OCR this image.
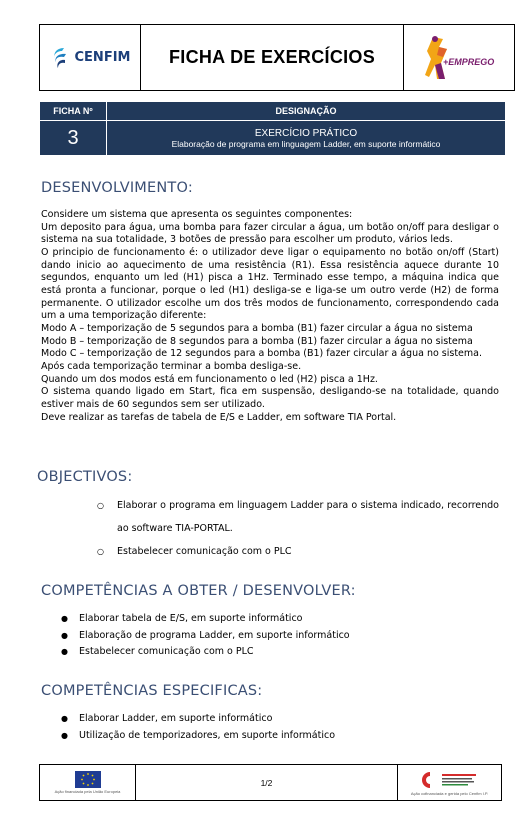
CENFIM	FICHA DE EXERCÍCIOS	+EMPREGO
FICHA Nº	DESIGNAÇÃO
3	EXERCÍCIO PRÁTICO
Elaboração de programa em linguagem Ladder, em suporte informático
DESENVOLVIMENTO:

Considere um sistema que apresenta os seguintes componentes:

Um deposito para água, uma bomba para fazer circular a água, um botão on/off para desligar o sistema na sua totalidade, 3 botões de pressão para escolher um produto, vários leds.

O principio de funcionamento é: o utilizador deve ligar o equipamento no botão on/off (Start) dando inicio ao aquecimento de uma resistência (R1). Essa resistência aquece durante 10 segundos, enquanto um led (H1) pisca a 1Hz. Terminado esse tempo, a máquina indica que está pronta a funcionar, porque o led (H1) desliga-se e liga-se um outro verde (H2) de forma permanente. O utilizador escolhe um dos três modos de funcionamento, correspondendo cada um a uma temporização diferente:

Modo A – temporização de 5 segundos para a bomba (B1) fazer circular a água no sistema

Modo B – temporização de 8 segundos para a bomba (B1) fazer circular a água no sistema

Modo C – temporização de 12 segundos para a bomba (B1) fazer circular a água no sistema.

Após cada temporização terminar a bomba desliga-se.

Quando um dos modos está em funcionamento o led (H2) pisca a 1Hz.

O sistema quando ligado em Start, fica em suspensão, desligando-se na totalidade, quando estiver mais de 60 segundos sem ser utilizado.

Deve realizar as tarefas de tabela de E/S e Ladder, em software TIA Portal.

OBJECTIVOS:
○ Elaborar o programa em linguagem Ladder para o sistema indicado, recorrendo ao software TIA-PORTAL.
○ Estabelecer comunicação com o PLC
COMPETÊNCIAS A OBTER / DESENVOLVER:
● Elaborar tabela de E/S, em suporte informático
● Elaboração de programa Ladder, em suporte informático
● Estabelecer comunicação com o PLC
COMPETÊNCIAS ESPECIFICAS:
● Elaborar Ladder, em suporte informático
● Utilização de temporizadores, em suporte informático
Ação financiada pela União Europeia
1/2
Ação cofinanciada e gerida pelo Cenfim I.P.
